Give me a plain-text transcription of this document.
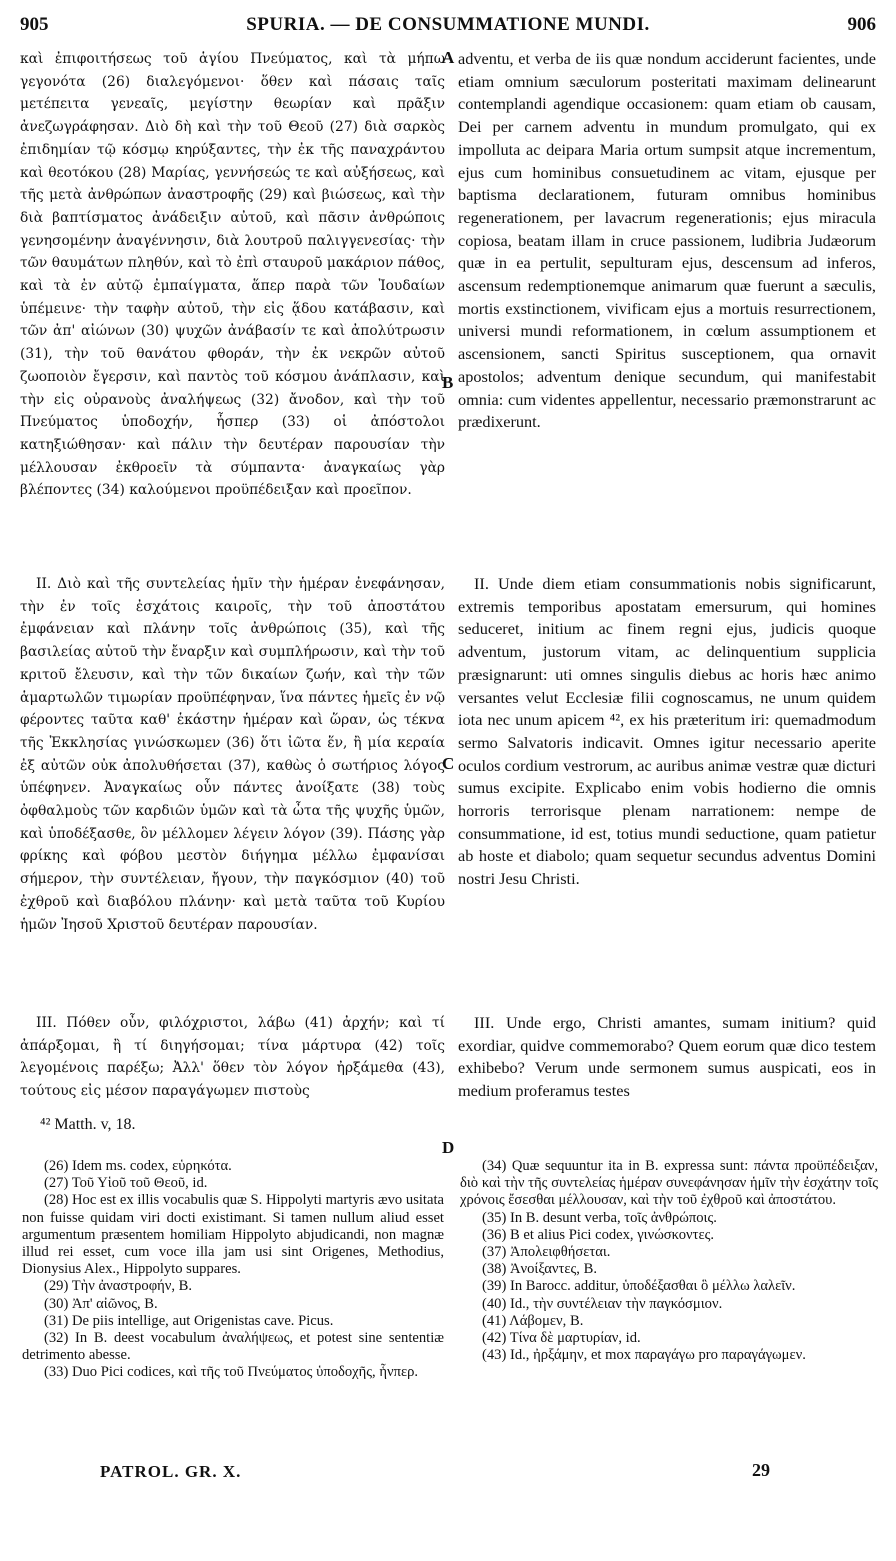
905	SPURIA. — DE CONSUMMATIONE MUNDI.	906

καὶ ἐπιφοιτήσεως τοῦ ἁγίου Πνεύματος, καὶ τὰ μήπω γεγονότα (26) διαλεγόμενοι· ὅθεν καὶ πάσαις ταῖς μετέπειτα γενεαῖς, μεγίστην θεωρίαν καὶ πρᾶξιν ἀνεζωγράφησαν. Διὸ δὴ καὶ τὴν τοῦ Θεοῦ (27) διὰ σαρκὸς ἐπιδημίαν τῷ κόσμῳ κηρύξαντες, τὴν ἐκ τῆς παναχράντου καὶ θεοτόκου (28) Μαρίας, γεννήσεώς τε καὶ αὐξήσεως, καὶ τῆς μετὰ ἀνθρώπων ἀναστροφῆς (29) καὶ βιώσεως, καὶ τὴν διὰ βαπτίσματος ἀνάδειξιν αὐτοῦ, καὶ πᾶσιν ἀνθρώποις γενησομένην ἀναγέννησιν, διὰ λουτροῦ παλιγγενεσίας· τὴν τῶν θαυμάτων πληθύν, καὶ τὸ ἐπὶ σταυροῦ μακάριον πάθος, καὶ τὰ ἐν αὐτῷ ἐμπαίγματα, ἅπερ παρὰ τῶν Ἰουδαίων ὑπέμεινε· τὴν ταφὴν αὐτοῦ, τὴν εἰς ᾅδου κατάβασιν, καὶ τῶν ἀπ' αἰώνων (30) ψυχῶν ἀνάβασίν τε καὶ ἀπολύτρωσιν (31), τὴν τοῦ θανάτου φθοράν, τὴν ἐκ νεκρῶν αὐτοῦ ζωοποιὸν ἔγερσιν, καὶ παντὸς τοῦ κόσμου ἀνάπλασιν, καὶ τὴν εἰς οὐρανοὺς ἀναλήψεως (32) ἄνοδον, καὶ τὴν τοῦ Πνεύματος ὑποδοχήν, ἧσπερ (33) οἱ ἀπόστολοι κατηξιώθησαν· καὶ πάλιν τὴν δευτέραν παρουσίαν τὴν μέλλουσαν ἐκθροεῖν τὰ σύμπαντα· ἀναγκαίως γὰρ βλέποντες (34) καλούμενοι προϋπέδειξαν καὶ προεῖπον.

adventu, et verba de iis quæ nondum acciderunt facientes, unde etiam omnium sæculorum posteritati maximam delinearunt contemplandi agendique occasionem: quam etiam ob causam, Dei per carnem adventu in mundum promulgato, qui ex impolluta ac deipara Maria ortum sumpsit atque incrementum, ejus cum hominibus consuetudinem ac vitam, ejusque per baptisma declarationem, futuram omnibus hominibus regenerationem, per lavacrum regenerationis; ejus miracula copiosa, beatam illam in cruce passionem, ludibria Judæorum quæ in ea pertulit, sepulturam ejus, descensum ad inferos, ascensum redemptionemque animarum quæ fuerunt a sæculis, mortis exstinctionem, vivificam ejus a mortuis resurrectionem, universi mundi reformationem, in cœlum assumptionem et ascensionem, sancti Spiritus susceptionem, qua ornavit apostolos; adventum denique secundum, qui manifestabit omnia: cum videntes appellentur, necessario præmonstrarunt ac prædixerunt.

II. Διὸ καὶ τῆς συντελείας ἡμῖν τὴν ἡμέραν ἐνεφάνησαν, τὴν ἐν τοῖς ἐσχάτοις καιροῖς, τὴν τοῦ ἀποστάτου ἐμφάνειαν καὶ πλάνην τοῖς ἀνθρώποις (35), καὶ τῆς βασιλείας αὐτοῦ τὴν ἔναρξιν καὶ συμπλήρωσιν, καὶ τὴν τοῦ κριτοῦ ἔλευσιν, καὶ τὴν τῶν δικαίων ζωήν, καὶ τὴν τῶν ἁμαρτωλῶν τιμωρίαν προϋπέφηναν, ἵνα πάντες ἡμεῖς ἐν νῷ φέροντες ταῦτα καθ' ἑκάστην ἡμέραν καὶ ὥραν, ὡς τέκνα τῆς Ἐκκλησίας γινώσκωμεν (36) ὅτι ἰῶτα ἕν, ἢ μία κεραία ἐξ αὐτῶν οὐκ ἀπολυθήσεται (37), καθὼς ὁ σωτήριος λόγος ὑπέφηνεν. Ἀναγκαίως οὖν πάντες ἀνοίξατε (38) τοὺς ὀφθαλμοὺς τῶν καρδιῶν ὑμῶν καὶ τὰ ὦτα τῆς ψυχῆς ὑμῶν, καὶ ὑποδέξασθε, ὃν μέλλομεν λέγειν λόγον (39). Πάσης γὰρ φρίκης καὶ φόβου μεστὸν διήγημα μέλλω ἐμφανίσαι σήμερον, τὴν συντέλειαν, ἤγουν, τὴν παγκόσμιον (40) τοῦ ἐχθροῦ καὶ διαβόλου πλάνην· καὶ μετὰ ταῦτα τοῦ Κυρίου ἡμῶν Ἰησοῦ Χριστοῦ δευτέραν παρουσίαν.

II. Unde diem etiam consummationis nobis significarunt, extremis temporibus apostatam emersurum, qui homines seduceret, initium ac finem regni ejus, judicis quoque adventum, justorum vitam, ac delinquentium supplicia præsignarunt: uti omnes singulis diebus ac horis hæc animo versantes velut Ecclesiæ filii cognoscamus, ne unum quidem iota nec unum apicem ⁴², ex his præteritum iri: quemadmodum sermo Salvatoris indicavit. Omnes igitur necessario aperite oculos cordium vestrorum, ac auribus animæ vestræ quæ dicturi sumus excipite. Explicabo enim vobis hodierno die omnis horroris terrorisque plenam narrationem: nempe de consummatione, id est, totius mundi seductione, quam patietur ab hoste et diabolo; quam sequetur secundus adventus Domini nostri Jesu Christi.

III. Πόθεν οὖν, φιλόχριστοι, λάβω (41) ἀρχήν; καὶ τί ἀπάρξομαι, ἢ τί διηγήσομαι; τίνα μάρτυρα (42) τοῖς λεγομένοις παρέξω; Ἀλλ' ὅθεν τὸν λόγον ἠρξάμεθα (43), τούτους εἰς μέσον παραγάγωμεν πιστοὺς

III. Unde ergo, Christi amantes, sumam initium? quid exordiar, quidve commemorabo? Quem eorum quæ dico testem exhibebo? Verum unde sermonem sumus auspicati, eos in medium proferamus testes

A
B
C
D
⁴² Matth. v, 18.

(26) Idem ms. codex, εὑρηκότα.

(27) Τοῦ Υἱοῦ τοῦ Θεοῦ, id.

(28) Hoc est ex illis vocabulis quæ S. Hippolyti martyris ævo usitata non fuisse quidam viri docti existimant. Si tamen nullum aliud esset argumentum præsentem homiliam Hippolyto abjudicandi, non magnæ illud rei esset, cum voce illa jam usi sint Origenes, Methodius, Dionysius Alex., Hippolyto suppares.

(29) Τὴν ἀναστροφήν, B.

(30) Ἀπ' αἰῶνος, B.

(31) De piis intellige, aut Origenistas cave. Picus.

(32) In B. deest vocabulum ἀναλήψεως, et potest sine sententiæ detrimento abesse.

(33) Duo Pici codices, καὶ τῆς τοῦ Πνεύματος ὑποδοχῆς, ἧνπερ.

(34) Quæ sequuntur ita in B. expressa sunt: πάντα προϋπέδειξαν, διὸ καὶ τὴν τῆς συντελείας ἡμέραν συνεφάνησαν ἡμῖν τὴν ἐσχάτην τοῖς χρόνοις ἔσεσθαι μέλλουσαν, καὶ τὴν τοῦ ἐχθροῦ καὶ ἀποστάτου.

(35) In B. desunt verba, τοῖς ἀνθρώποις.

(36) B et alius Pici codex, γινώσκοντες.

(37) Ἀπολειφθήσεται.

(38) Ἀνοίξαντες, B.

(39) In Barocc. additur, ὑποδέξασθαι ὃ μέλλω λαλεῖν.

(40) Id., τὴν συντέλειαν τὴν παγκόσμιον.

(41) Λάβομεν, B.

(42) Τίνα δὲ μαρτυρίαν, id.

(43) Id., ἠρξάμην, et mox παραγάγω pro παραγάγωμεν.

PATROL. GR. X.	29
